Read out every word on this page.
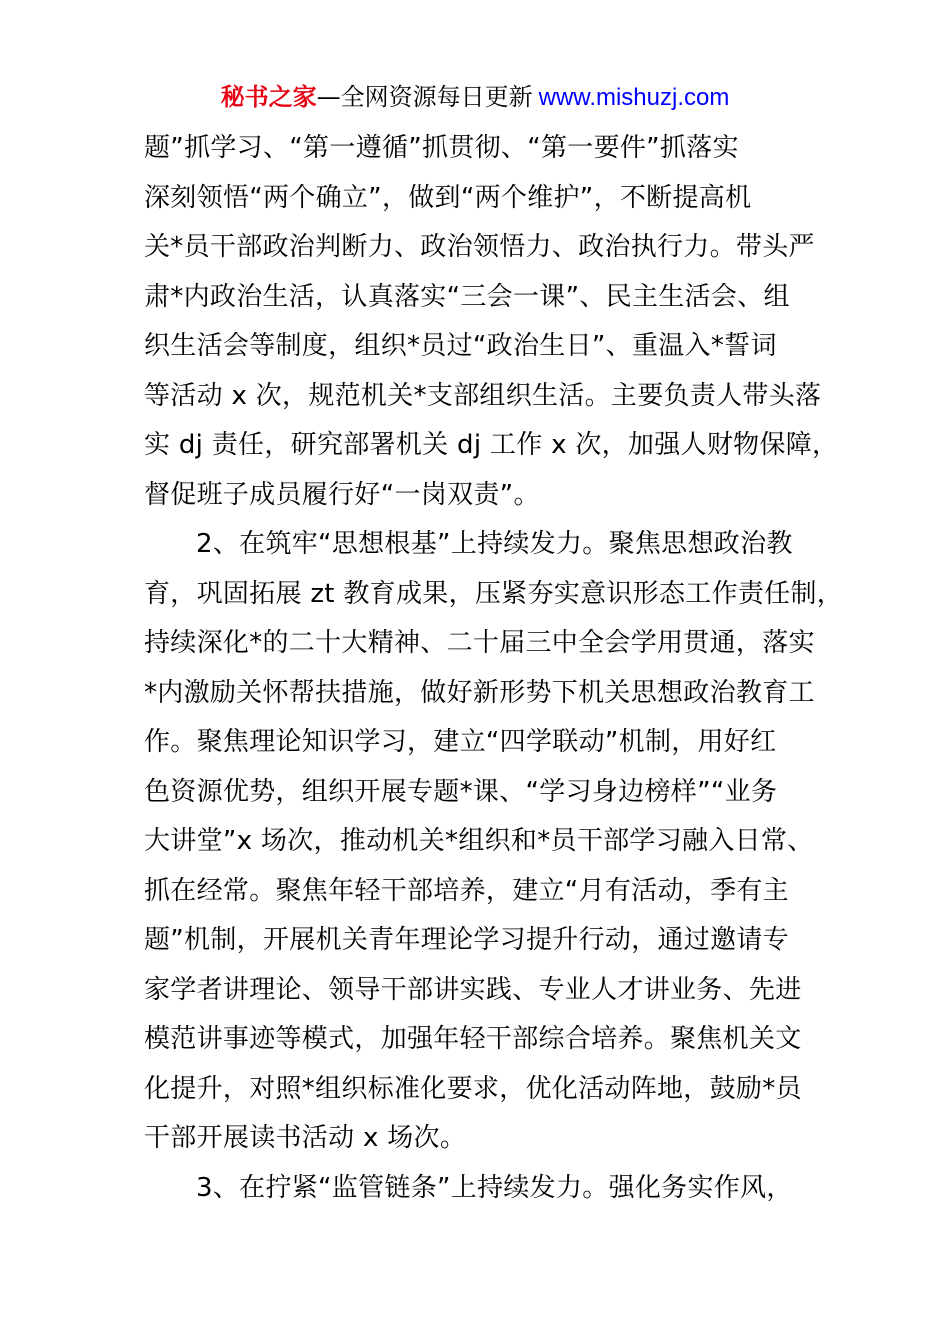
秘书之家—全网资源每日更新 www.mishuzj.com
题”抓学习、“第一遵循”抓贯彻、“第一要件”抓落实
深刻领悟“两个确立”，做到“两个维护”，不断提高机
关*员干部政治判断力、政治领悟力、政治执行力。带头严
肃*内政治生活，认真落实“三会一课”、民主生活会、组
织生活会等制度，组织*员过“政治生日”、重温入*誓词
等活动 x 次，规范机关*支部组织生活。主要负责人带头落
实 dj 责任，研究部署机关 dj 工作 x 次，加强人财物保障，
督促班子成员履行好“一岗双责”。
2、在筑牢“思想根基”上持续发力。聚焦思想政治教
育，巩固拓展 zt 教育成果，压紧夯实意识形态工作责任制，
持续深化*的二十大精神、二十届三中全会学用贯通，落实
*内激励关怀帮扶措施，做好新形势下机关思想政治教育工
作。聚焦理论知识学习，建立“四学联动”机制，用好红
色资源优势，组织开展专题*课、“学习身边榜样”“业务
大讲堂”x 场次，推动机关*组织和*员干部学习融入日常、
抓在经常。聚焦年轻干部培养，建立“月有活动，季有主
题”机制，开展机关青年理论学习提升行动，通过邀请专
家学者讲理论、领导干部讲实践、专业人才讲业务、先进
模范讲事迹等模式，加强年轻干部综合培养。聚焦机关文
化提升，对照*组织标准化要求，优化活动阵地，鼓励*员
干部开展读书活动 x 场次。
3、在拧紧“监管链条”上持续发力。强化务实作风，
